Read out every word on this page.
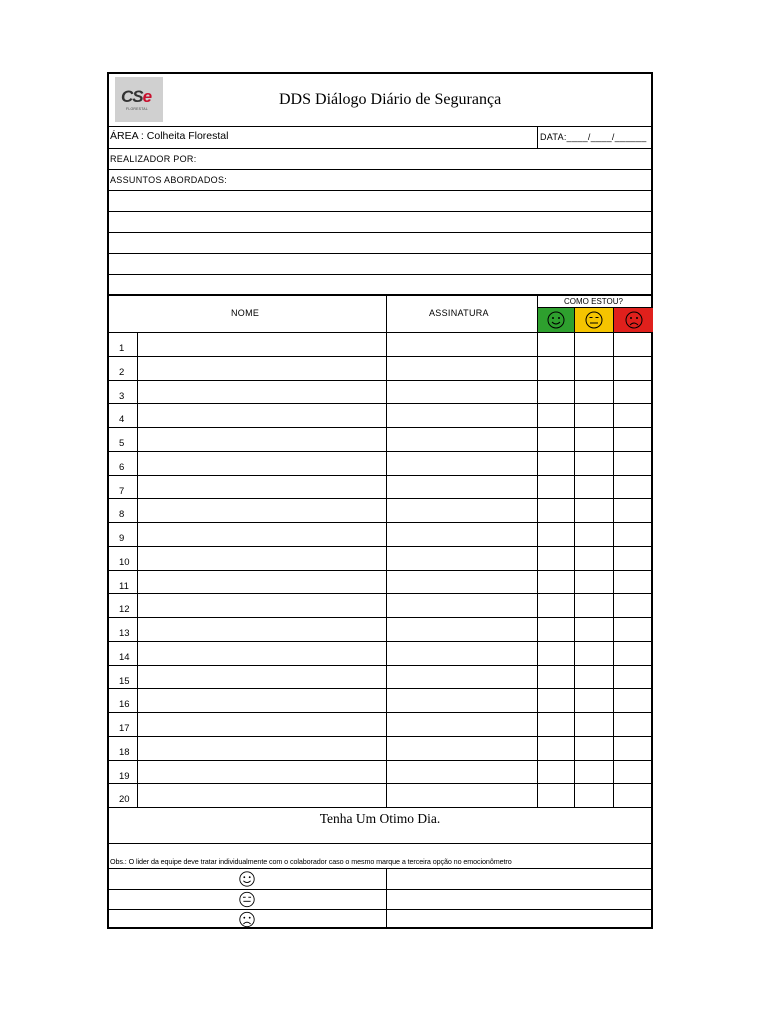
CSe
FLORESTAL
DDS Diálogo Diário de Segurança
ÁREA : Colheita Florestal	DATA:____/____/______
REALIZADOR POR:
ASSUNTOS ABORDADOS:
NOME	ASSINATURA
COMO ESTOU?
1
2
3
4
5
6
7
8
9
10
11
12
13
14
15
16
17
18
19
20
Tenha Um Otimo Dia.
Obs.: O lider da equipe deve tratar individualmente com o colaborador caso o mesmo marque a terceira opção no emocionômetro
